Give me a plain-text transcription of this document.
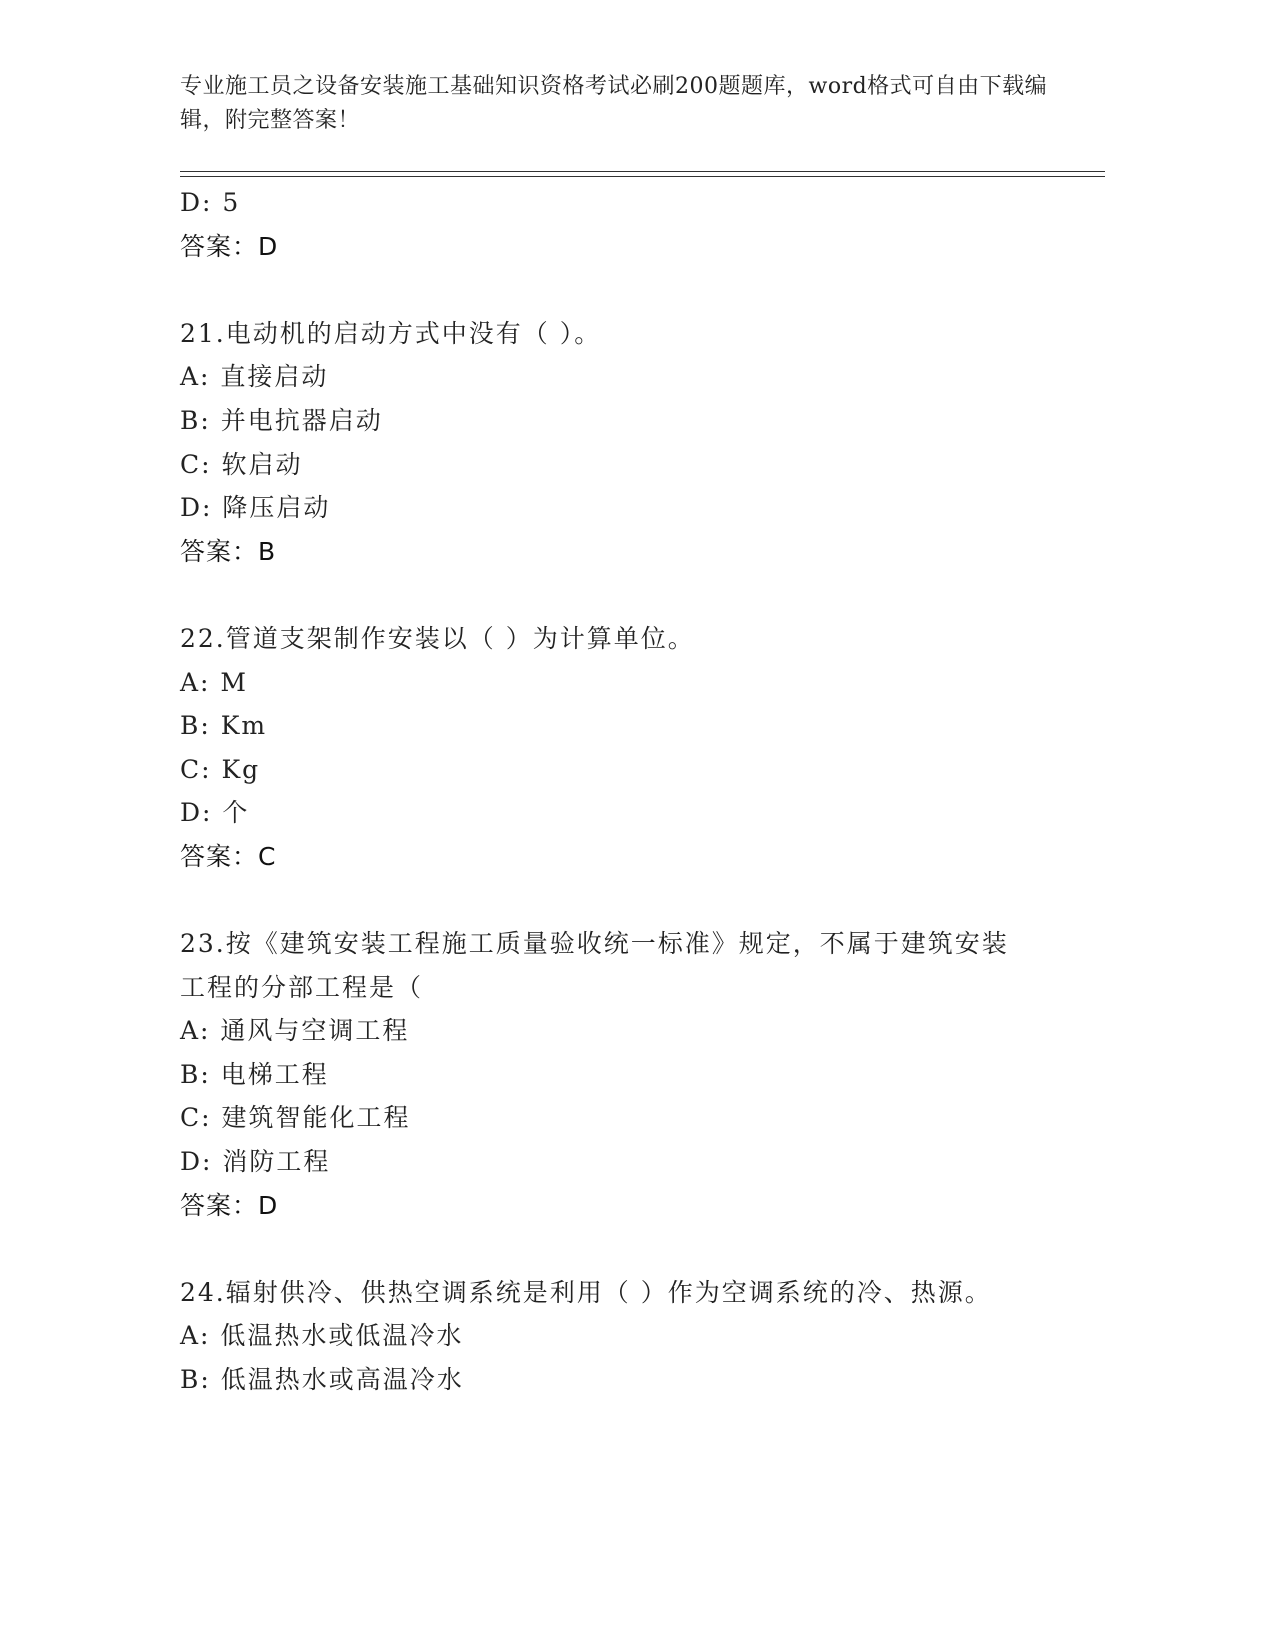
专业施工员之设备安装施工基础知识资格考试必刷200题题库，word格式可自由下载编辑，附完整答案！
D: 5
答案：D
21.电动机的启动方式中没有（ ）。
A: 直接启动
B: 并电抗器启动
C: 软启动
D: 降压启动
答案：B
22.管道支架制作安装以（ ）为计算单位。
A: M
B: Km
C: Kg
D: 个
答案：C
23.按《建筑安装工程施工质量验收统一标准》规定，不属于建筑安装
工程的分部工程是（
A: 通风与空调工程
B: 电梯工程
C: 建筑智能化工程
D: 消防工程
答案：D
24.辐射供冷、供热空调系统是利用（ ）作为空调系统的冷、热源。
A: 低温热水或低温冷水
B: 低温热水或高温冷水
